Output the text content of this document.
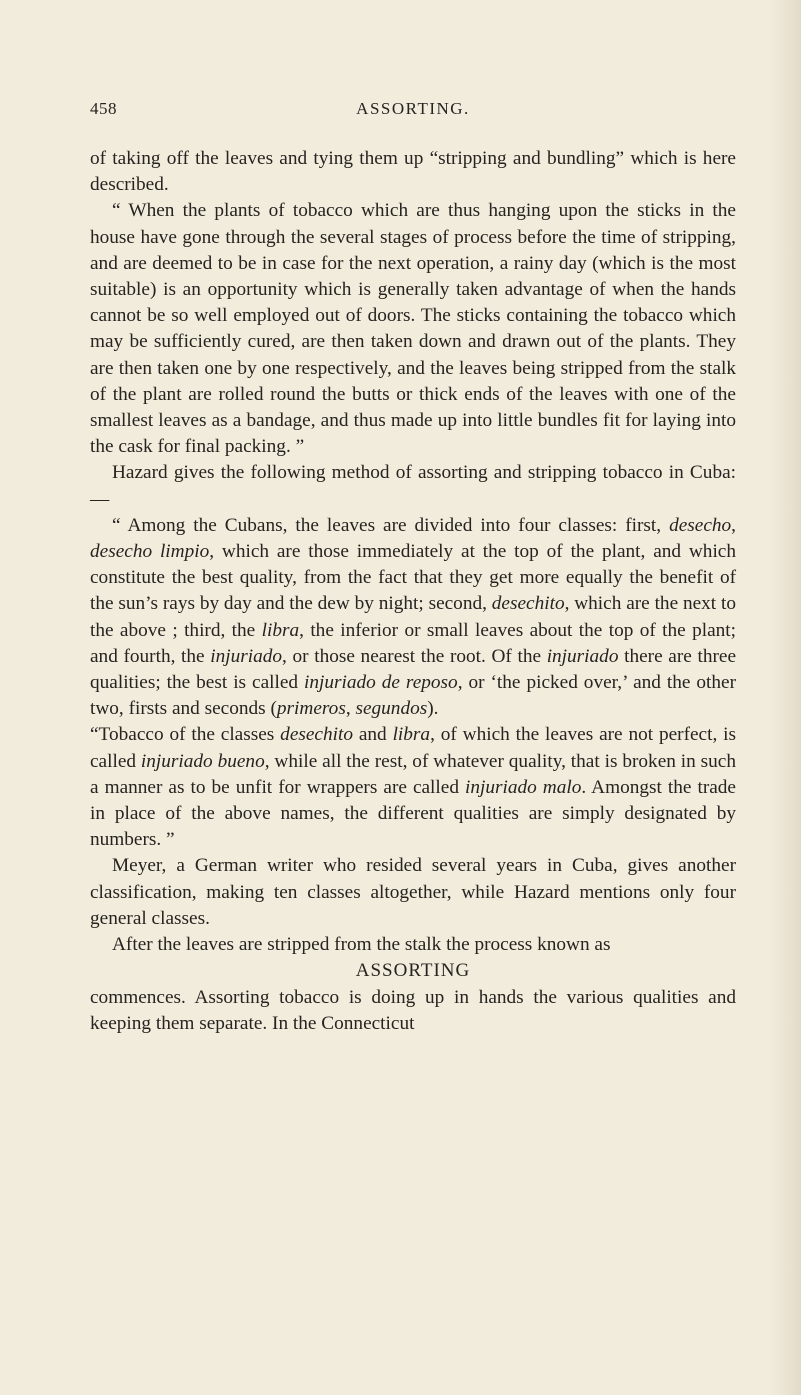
458	ASSORTING.

of taking off the leaves and tying them up “stripping and bundling” which is here described.

“ When the plants of tobacco which are thus hanging upon the sticks in the house have gone through the several stages of process before the time of stripping, and are deemed to be in case for the next operation, a rainy day (which is the most suitable) is an opportunity which is generally taken advantage of when the hands cannot be so well employed out of doors. The sticks containing the tobacco which may be sufficiently cured, are then taken down and drawn out of the plants. They are then taken one by one respectively, and the leaves being stripped from the stalk of the plant are rolled round the butts or thick ends of the leaves with one of the smallest leaves as a bandage, and thus made up into little bundles fit for laying into the cask for final packing. ”

Hazard gives the following method of assorting and stripping tobacco in Cuba:—

“ Among the Cubans, the leaves are divided into four classes: first, desecho, desecho limpio, which are those immediately at the top of the plant, and which constitute the best quality, from the fact that they get more equally the benefit of the sun’s rays by day and the dew by night; second, desechito, which are the next to the above ; third, the libra, the inferior or small leaves about the top of the plant; and fourth, the injuriado, or those nearest the root. Of the injuriado there are three qualities; the best is called injuriado de reposo, or ‘the picked over,’ and the other two, firsts and seconds (primeros, segundos).

“Tobacco of the classes desechito and libra, of which the leaves are not perfect, is called injuriado bueno, while all the rest, of whatever quality, that is broken in such a manner as to be unfit for wrappers are called injuriado malo. Amongst the trade in place of the above names, the different qualities are simply designated by numbers. ”

Meyer, a German writer who resided several years in Cuba, gives another classification, making ten classes altogether, while Hazard mentions only four general classes.

After the leaves are stripped from the stalk the process known as

ASSORTING

commences. Assorting tobacco is doing up in hands the various qualities and keeping them separate. In the Connecticut
